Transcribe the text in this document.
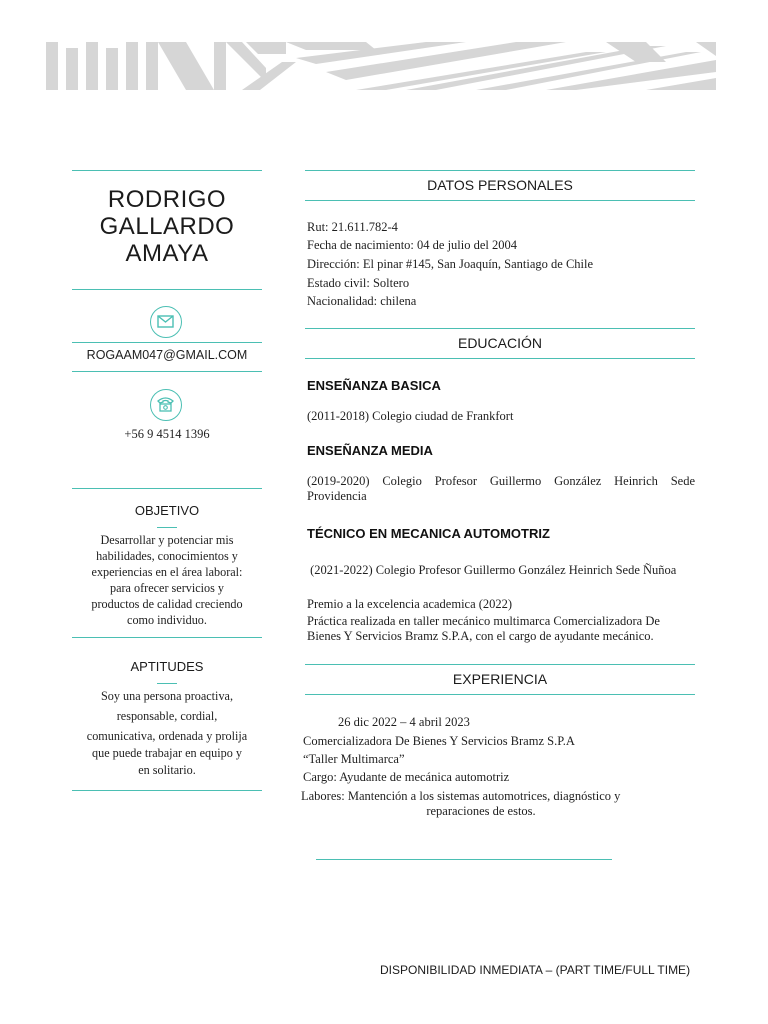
RODRIGO
GALLARDO
AMAYA
ROGAAM047@GMAIL.COM
+56 9 4514 1396
OBJETIVO
Desarrollar y potenciar mis
habilidades, conocimientos y
experiencias en el área laboral:
para ofrecer servicios y
productos de calidad creciendo
como individuo.
APTITUDES
Soy una persona proactiva,
responsable, cordial,
comunicativa, ordenada y prolija
que puede trabajar en equipo y
en solitario.
DATOS PERSONALES
Rut: 21.611.782-4
Fecha de nacimiento: 04 de julio del 2004
Dirección: El pinar #145, San Joaquín, Santiago de Chile
Estado civil: Soltero
Nacionalidad: chilena
EDUCACIÓN
ENSEÑANZA BASICA
(2011-2018) Colegio ciudad de Frankfort
ENSEÑANZA MEDIA
(2019-2020) Colegio Profesor Guillermo González Heinrich Sede Providencia
TÉCNICO EN MECANICA AUTOMOTRIZ
(2021-2022) Colegio Profesor Guillermo González Heinrich Sede Ñuñoa
Premio a la excelencia academica (2022)
Práctica realizada en taller mecánico multimarca Comercializadora De Bienes Y Servicios Bramz S.P.A, con el cargo de ayudante mecánico.
EXPERIENCIA
26 dic 2022 – 4 abril 2023
Comercializadora De Bienes Y Servicios Bramz S.P.A
“Taller Multimarca”
Cargo: Ayudante de mecánica automotriz
Labores: Mantención a los sistemas automotrices, diagnóstico y
reparaciones de estos.
DISPONIBILIDAD INMEDIATA – (PART TIME/FULL TIME)
